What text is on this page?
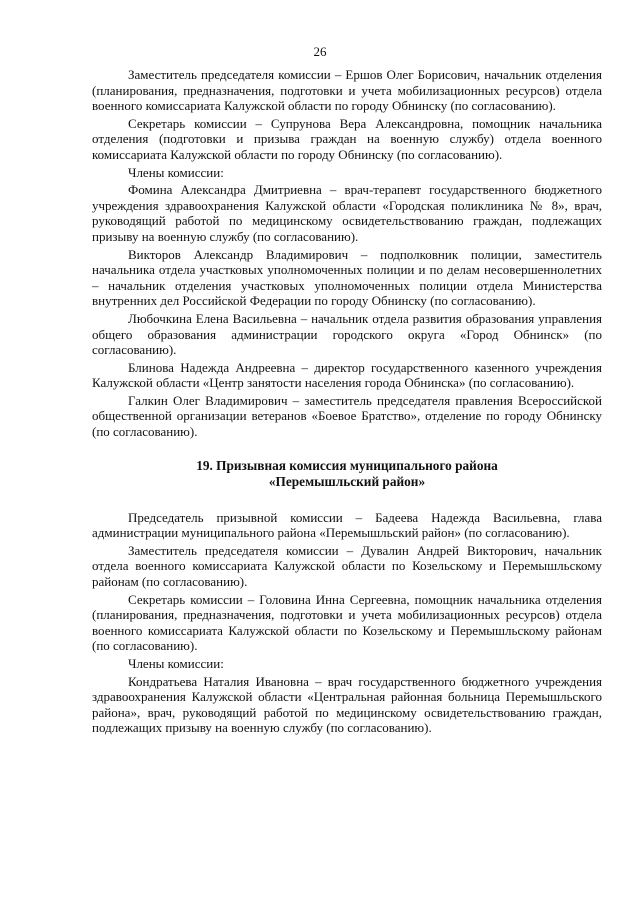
26

Заместитель председателя комиссии – Ершов Олег Борисович, начальник отделения (планирования, предназначения, подготовки и учета мобилизационных ресурсов) отдела военного комиссариата Калужской области по городу Обнинску (по согласованию).

Секретарь комиссии – Супрунова Вера Александровна, помощник начальника отделения (подготовки и призыва граждан на военную службу) отдела военного комиссариата Калужской области по городу Обнинску (по согласованию).

Члены комиссии:

Фомина Александра Дмитриевна – врач-терапевт государственного бюджетного учреждения здравоохранения Калужской области «Городская поликлиника № 8», врач, руководящий работой по медицинскому освидетельствованию граждан, подлежащих призыву на военную службу (по согласованию).

Викторов Александр Владимирович – подполковник полиции, заместитель начальника отдела участковых уполномоченных полиции и по делам несовершеннолетних – начальник отделения участковых уполномоченных полиции отдела Министерства внутренних дел Российской Федерации по городу Обнинску (по согласованию).

Любочкина Елена Васильевна – начальник отдела развития образования управления общего образования администрации городского округа «Город Обнинск» (по согласованию).

Блинова Надежда Андреевна – директор государственного казенного учреждения Калужской области «Центр занятости населения города Обнинска» (по согласованию).

Галкин Олег Владимирович – заместитель председателя правления Всероссийской общественной организации ветеранов «Боевое Братство», отделение по городу Обнинску (по согласованию).

19. Призывная комиссия муниципального района
«Перемышльский район»

Председатель призывной комиссии – Бадеева Надежда Васильевна, глава администрации муниципального района «Перемышльский район» (по согласованию).

Заместитель председателя комиссии – Дувалин Андрей Викторович, начальник отдела военного комиссариата Калужской области по Козельскому и Перемышльскому районам (по согласованию).

Секретарь комиссии – Головина Инна Сергеевна, помощник начальника отделения (планирования, предназначения, подготовки и учета мобилизационных ресурсов) отдела военного комиссариата Калужской области по Козельскому и Перемышльскому районам (по согласованию).

Члены комиссии:

Кондратьева Наталия Ивановна – врач государственного бюджетного учреждения здравоохранения Калужской области «Центральная районная больница Перемышльского района», врач, руководящий работой по медицинскому освидетельствованию граждан, подлежащих призыву на военную службу (по согласованию).
